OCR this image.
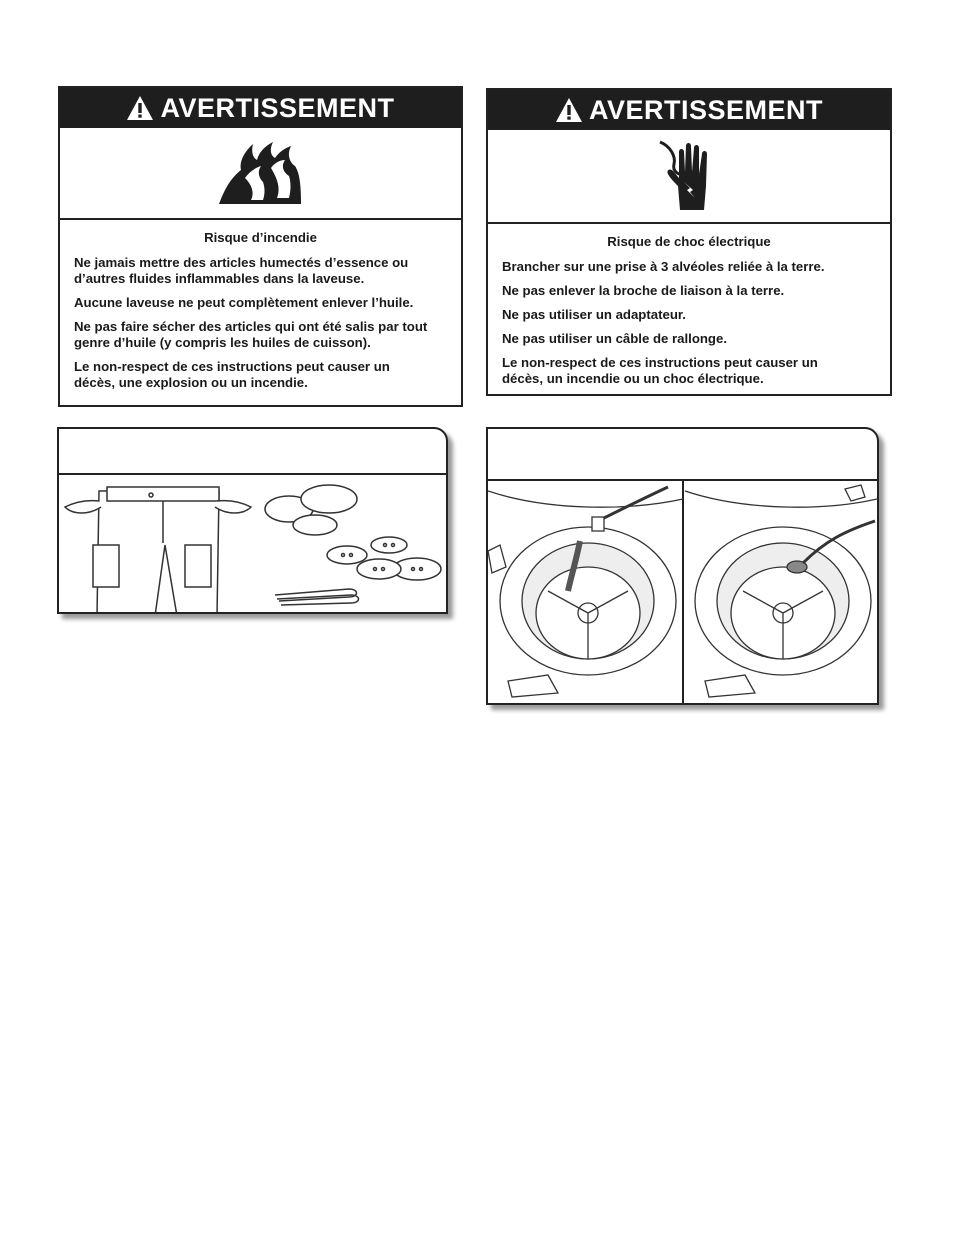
AVERTISSEMENT
Risque d’incendie

Ne jamais mettre des articles humectés d’essence ou d’autres fluides inflammables dans la laveuse.

Aucune laveuse ne peut complètement enlever l’huile.

Ne pas faire sécher des articles qui ont été salis par tout genre d’huile (y compris les huiles de cuisson).

Le non-respect de ces instructions peut causer un décès, une explosion ou un incendie.

AVERTISSEMENT
Risque de choc électrique

Brancher sur une prise à 3 alvéoles reliée à la terre.

Ne pas enlever la broche de liaison à la terre.

Ne pas utiliser un adaptateur.

Ne pas utiliser un câble de rallonge.

Le non-respect de ces instructions peut causer un décès, un incendie ou un choc électrique.
